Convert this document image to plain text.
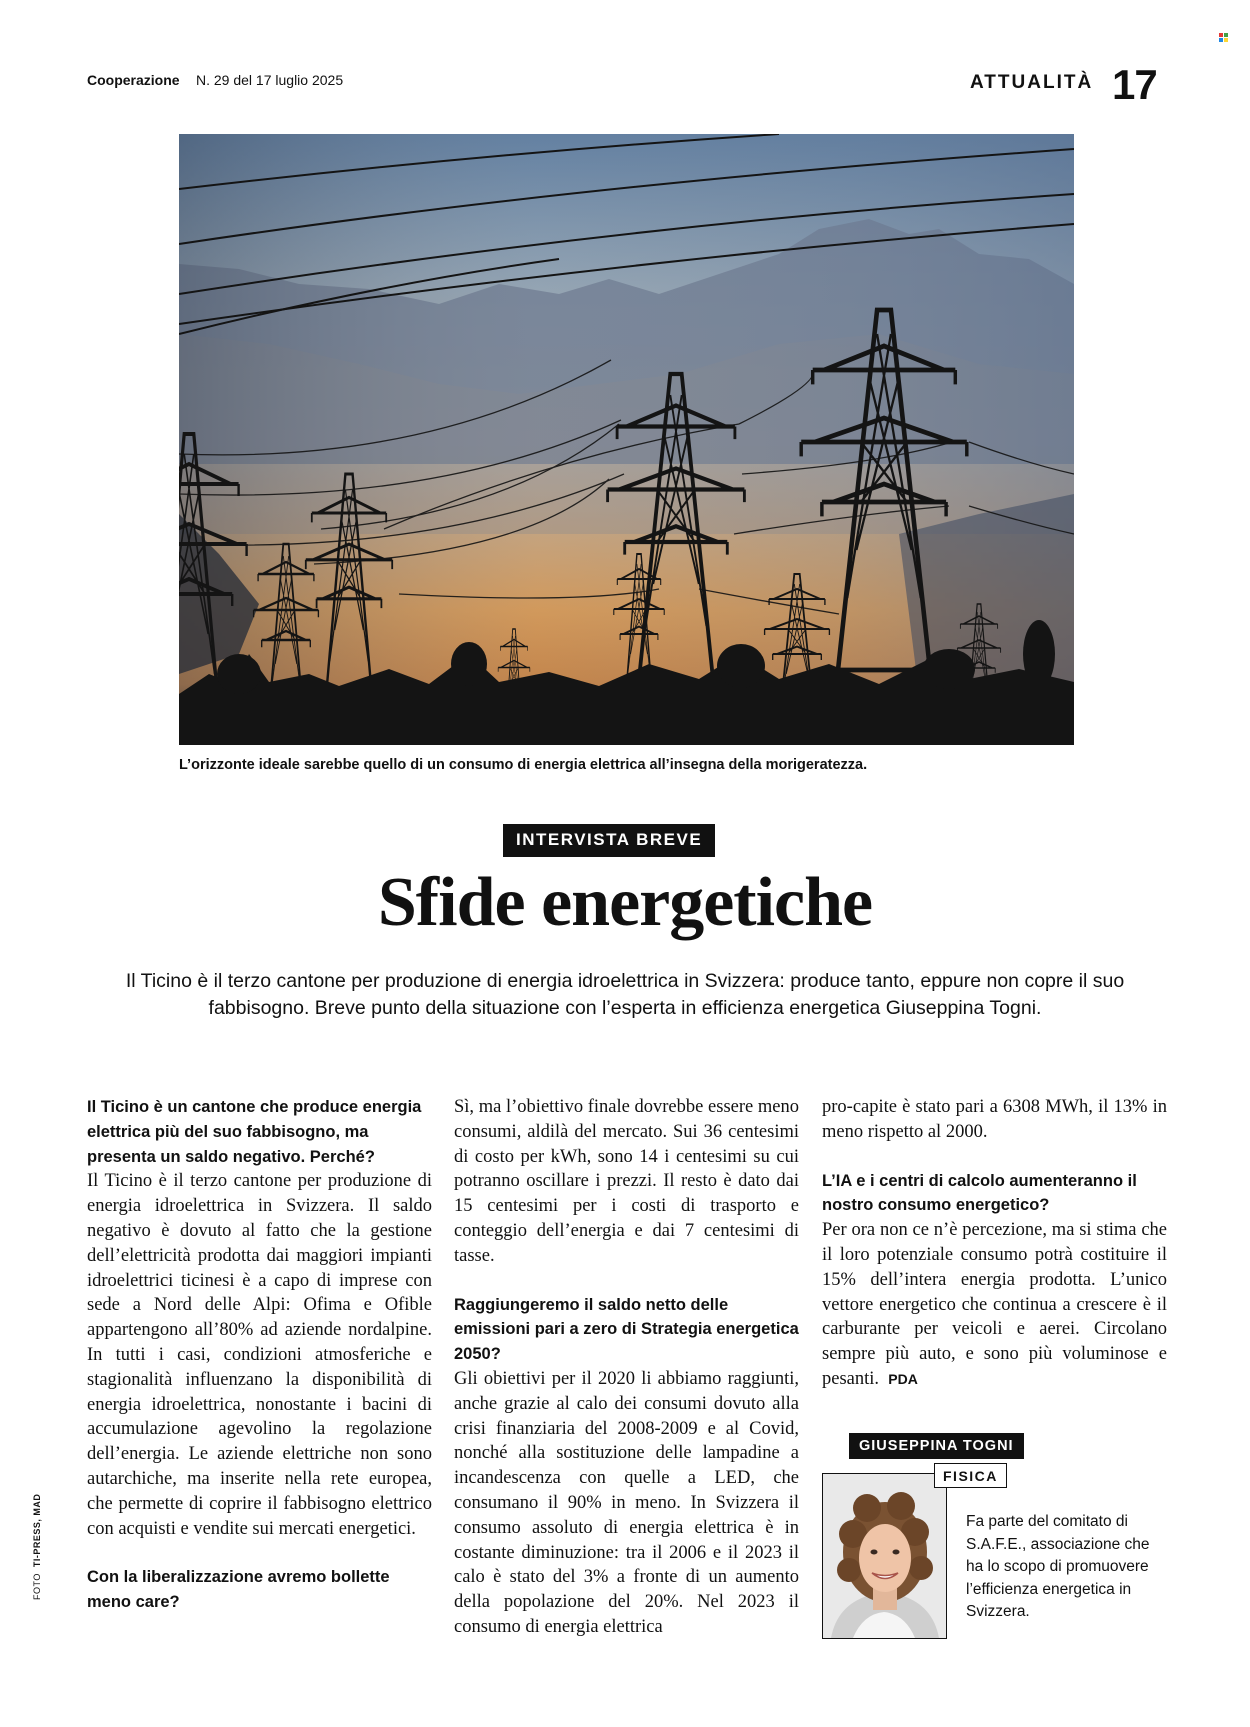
Cooperazione N. 29 del 17 luglio 2025	ATTUALITÀ 17
L’orizzonte ideale sarebbe quello di un consumo di energia elettrica all’insegna della morigeratezza.
INTERVISTA BREVE
Sfide energetiche
Il Ticino è il terzo cantone per produzione di energia idroelettrica in Svizzera: produce tanto, eppure non copre il suo fabbisogno. Breve punto della situazione con l’esperta in efficienza energetica Giuseppina Togni.

Il Ticino è un cantone che produce energia elettrica più del suo fabbisogno, ma presenta un saldo negativo. Perché?

Il Ticino è il terzo cantone per produzione di energia idroelettrica in Svizzera. Il saldo negativo è dovuto al fatto che la gestione dell’elettricità prodotta dai maggiori impianti idroelettrici ticinesi è a capo di imprese con sede a Nord delle Alpi: Ofima e Ofible appartengono all’80% ad aziende nordalpine. In tutti i casi, condizioni atmosferiche e stagionalità influenzano la disponibilità di energia idroelettrica, nonostante i bacini di accumulazione agevolino la regolazione dell’energia. Le aziende elettriche non sono autarchiche, ma inserite nella rete europea, che permette di coprire il fabbisogno elettrico con acquisti e vendite sui mercati energetici.

Con la liberalizzazione avremo bollette meno care?

Sì, ma l’obiettivo finale dovrebbe essere meno consumi, aldilà del mercato. Sui 36 centesimi di costo per kWh, sono 14 i centesimi su cui potranno oscillare i prezzi. Il resto è dato dai 15 centesimi per i costi di trasporto e conteggio dell’energia e dai 7 centesimi di tasse.

Raggiungeremo il saldo netto delle emissioni pari a zero di Strategia energetica 2050?

Gli obiettivi per il 2020 li abbiamo raggiunti, anche grazie al calo dei consumi dovuto alla crisi finanziaria del 2008-2009 e al Covid, nonché alla sostituzione delle lampadine a incandescenza con quelle a LED, che consumano il 90% in meno. In Svizzera il consumo assoluto di energia elettrica è in costante diminuzione: tra il 2006 e il 2023 il calo è stato del 3% a fronte di un aumento della popolazione del 20%. Nel 2023 il consumo di energia elettrica

pro-capite è stato pari a 6308 MWh, il 13% in meno rispetto al 2000.

L’IA e i centri di calcolo aumenteranno il nostro consumo energetico?

Per ora non ce n’è percezione, ma si stima che il loro potenziale consumo potrà costituire il 15% dell’intera energia prodotta. L’unico vettore energetico che continua a crescere è il carburante per veicoli e aerei. Circolano sempre più auto, e sono più voluminose e pesanti. PDA

FOTO  TI-PRESS, MAD
GIUSEPPINA TOGNI
FISICA
Fa parte del comitato di S.A.F.E., associazione che ha lo scopo di promuovere l’efficienza energetica in Svizzera.
